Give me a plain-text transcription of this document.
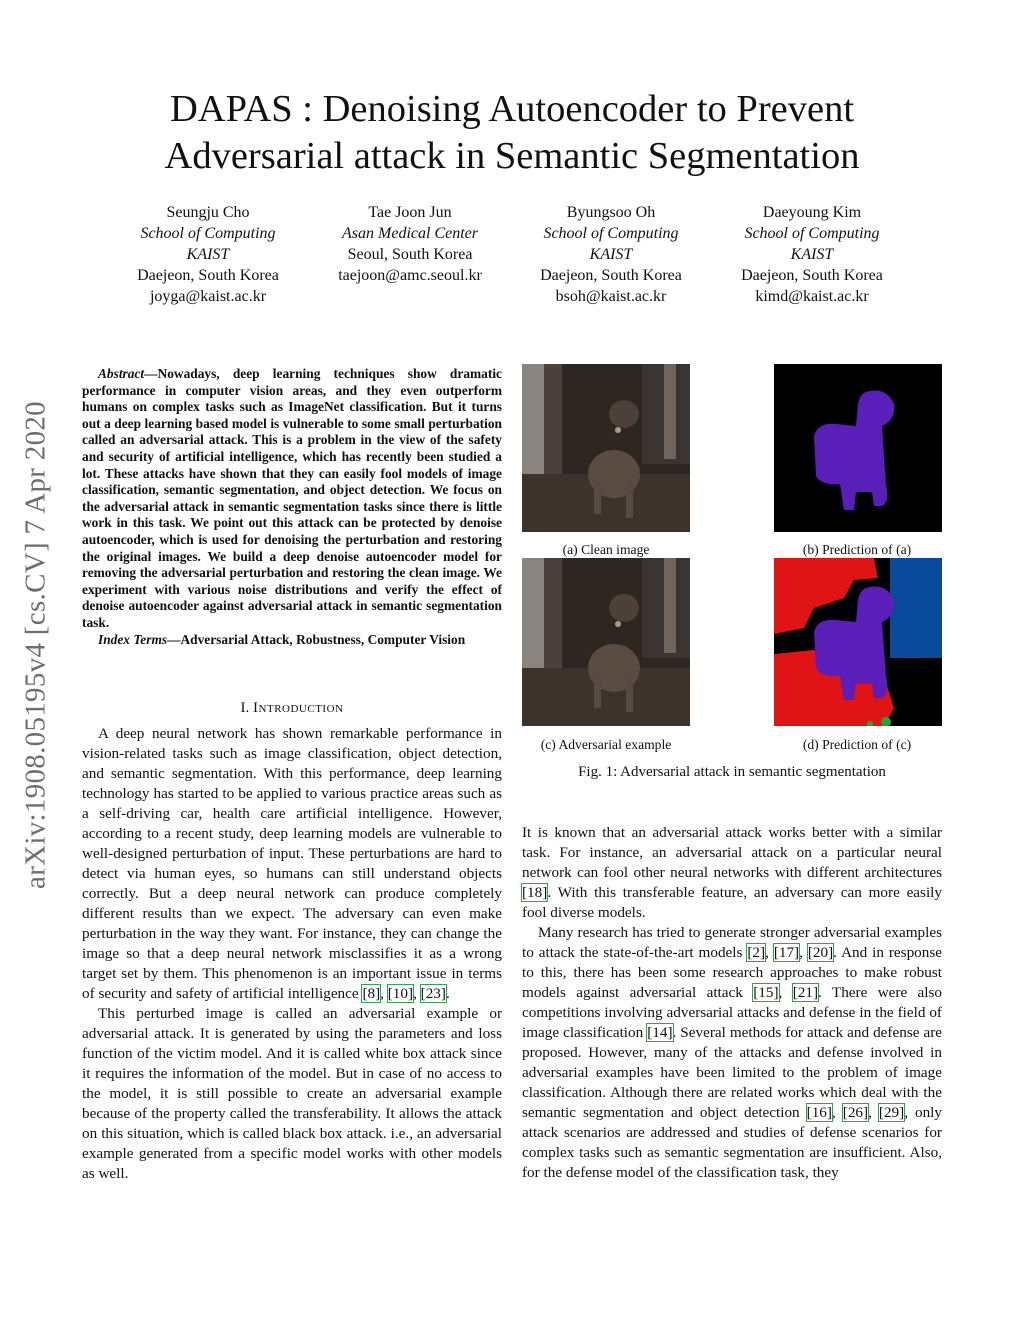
DAPAS : Denoising Autoencoder to Prevent
Adversarial attack in Semantic Segmentation
Seungju Cho
School of Computing
KAIST
Daejeon, South Korea
joyga@kaist.ac.kr
Tae Joon Jun
Asan Medical Center
Seoul, South Korea
taejoon@amc.seoul.kr
Byungsoo Oh
School of Computing
KAIST
Daejeon, South Korea
bsoh@kaist.ac.kr
Daeyoung Kim
School of Computing
KAIST
Daejeon, South Korea
kimd@kaist.ac.kr
arXiv:1908.05195v4 [cs.CV] 7 Apr 2020

Abstract—Nowadays, deep learning techniques show dramatic performance in computer vision areas, and they even outperform humans on complex tasks such as ImageNet classification. But it turns out a deep learning based model is vulnerable to some small perturbation called an adversarial attack. This is a problem in the view of the safety and security of artificial intelligence, which has recently been studied a lot. These attacks have shown that they can easily fool models of image classification, semantic segmentation, and object detection. We focus on the adversarial attack in semantic segmentation tasks since there is little work in this task. We point out this attack can be protected by denoise autoencoder, which is used for denoising the perturbation and restoring the original images. We build a deep denoise autoencoder model for removing the adversarial perturbation and restoring the clean image. We experiment with various noise distributions and verify the effect of denoise autoencoder against adversarial attack in semantic segmentation task.

Index Terms—Adversarial Attack, Robustness, Computer Vision

I. Introduction

A deep neural network has shown remarkable performance in vision-related tasks such as image classification, object detection, and semantic segmentation. With this performance, deep learning technology has started to be applied to various practice areas such as a self-driving car, health care artificial intelligence. However, according to a recent study, deep learning models are vulnerable to well-designed perturbation of input. These perturbations are hard to detect via human eyes, so humans can still understand objects correctly. But a deep neural network can produce completely different results than we expect. The adversary can even make perturbation in the way they want. For instance, they can change the image so that a deep neural network misclassifies it as a wrong target set by them. This phenomenon is an important issue in terms of security and safety of artificial intelligence [8], [10], [23].

This perturbed image is called an adversarial example or adversarial attack. It is generated by using the parameters and loss function of the victim model. And it is called white box attack since it requires the information of the model. But in case of no access to the model, it is still possible to create an adversarial example because of the property called the transferability. It allows the attack on this situation, which is called black box attack. i.e., an adversarial example generated from a specific model works with other models as well.

(a) Clean image	(b) Prediction of (a)
(c) Adversarial example	(d) Prediction of (c)
Fig. 1: Adversarial attack in semantic segmentation

It is known that an adversarial attack works better with a similar task. For instance, an adversarial attack on a particular neural network can fool other neural networks with different architectures [18]. With this transferable feature, an adversary can more easily fool diverse models.

Many research has tried to generate stronger adversarial examples to attack the state-of-the-art models [2], [17], [20]. And in response to this, there has been some research approaches to make robust models against adversarial attack [15], [21]. There were also competitions involving adversarial attacks and defense in the field of image classification [14]. Several methods for attack and defense are proposed. However, many of the attacks and defense involved in adversarial examples have been limited to the problem of image classification. Although there are related works which deal with the semantic segmentation and object detection [16], [26], [29], only attack scenarios are addressed and studies of defense scenarios for complex tasks such as semantic segmentation are insufficient. Also, for the defense model of the classification task, they
